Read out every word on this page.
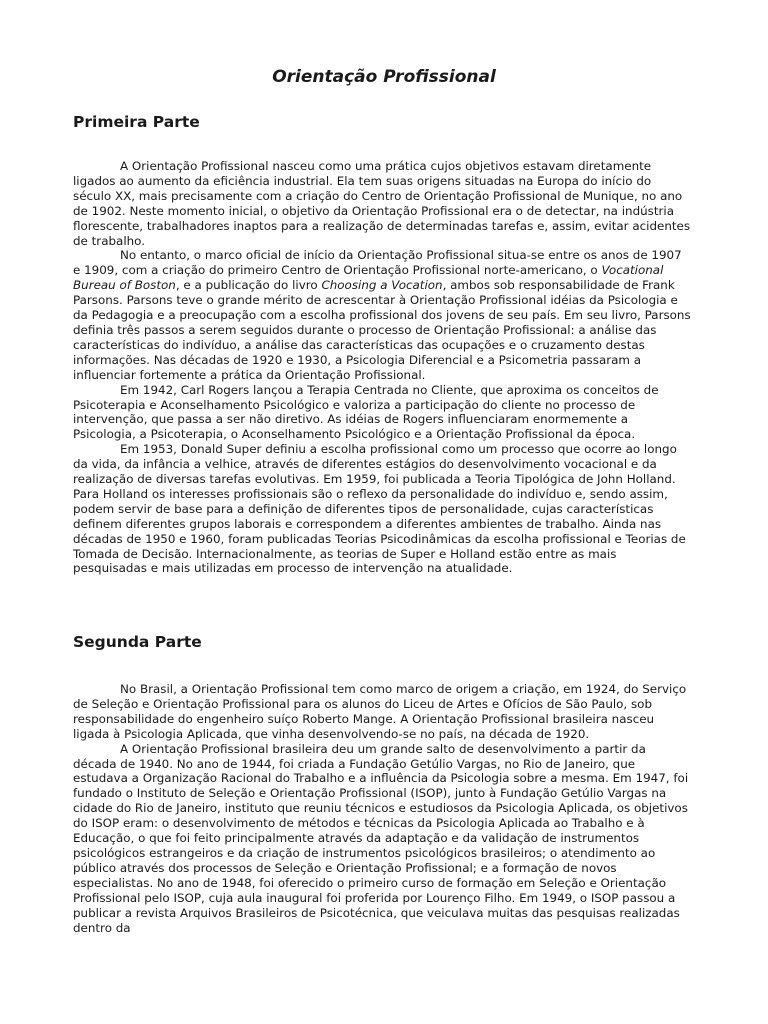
Orientação Profissional
Primeira Parte

A Orientação Profissional nasceu como uma prática cujos objetivos estavam diretamente ligados ao aumento da eficiência industrial. Ela tem suas origens situadas na Europa do início do século XX, mais precisamente com a criação do Centro de Orientação Profissional de Munique, no ano de 1902. Neste momento inicial, o objetivo da Orientação Profissional era o de detectar, na indústria florescente, trabalhadores inaptos para a realização de determinadas tarefas e, assim, evitar acidentes de trabalho.

No entanto, o marco oficial de início da Orientação Profissional situa-se entre os anos de 1907 e 1909, com a criação do primeiro Centro de Orientação Profissional norte-americano, o Vocational Bureau of Boston, e a publicação do livro Choosing a Vocation, ambos sob responsabilidade de Frank Parsons. Parsons teve o grande mérito de acrescentar à Orientação Profissional idéias da Psicologia e da Pedagogia e a preocupação com a escolha profissional dos jovens de seu país. Em seu livro, Parsons definia três passos a serem seguidos durante o processo de Orientação Profissional: a análise das características do indivíduo, a análise das características das ocupações e o cruzamento destas informações. Nas décadas de 1920 e 1930, a Psicologia Diferencial e a Psicometria passaram a influenciar fortemente a prática da Orientação Profissional.

Em 1942, Carl Rogers lançou a Terapia Centrada no Cliente, que aproxima os conceitos de Psicoterapia e Aconselhamento Psicológico e valoriza a participação do cliente no processo de intervenção, que passa a ser não diretivo. As idéias de Rogers influenciaram enormemente a Psicologia, a Psicoterapia, o Aconselhamento Psicológico e a Orientação Profissional da época.

Em 1953, Donald Super definiu a escolha profissional como um processo que ocorre ao longo da vida, da infância a velhice, através de diferentes estágios do desenvolvimento vocacional e da realização de diversas tarefas evolutivas. Em 1959, foi publicada a Teoria Tipológica de John Holland. Para Holland os interesses profissionais são o reflexo da personalidade do indivíduo e, sendo assim, podem servir de base para a definição de diferentes tipos de personalidade, cujas características definem diferentes grupos laborais e correspondem a diferentes ambientes de trabalho. Ainda nas décadas de 1950 e 1960, foram publicadas Teorias Psicodinâmicas da escolha profissional e Teorias de Tomada de Decisão. Internacionalmente, as teorias de Super e Holland estão entre as mais pesquisadas e mais utilizadas em processo de intervenção na atualidade.

Segunda Parte

No Brasil, a Orientação Profissional tem como marco de origem a criação, em 1924, do Serviço de Seleção e Orientação Profissional para os alunos do Liceu de Artes e Ofícios de São Paulo, sob responsabilidade do engenheiro suíço Roberto Mange. A Orientação Profissional brasileira nasceu ligada à Psicologia Aplicada, que vinha desenvolvendo-se no país, na década de 1920.

A Orientação Profissional brasileira deu um grande salto de desenvolvimento a partir da década de 1940. No ano de 1944, foi criada a Fundação Getúlio Vargas, no Rio de Janeiro, que estudava a Organização Racional do Trabalho e a influência da Psicologia sobre a mesma. Em 1947, foi fundado o Instituto de Seleção e Orientação Profissional (ISOP), junto à Fundação Getúlio Vargas na cidade do Rio de Janeiro, instituto que reuniu técnicos e estudiosos da Psicologia Aplicada, os objetivos do ISOP eram: o desenvolvimento de métodos e técnicas da Psicologia Aplicada ao Trabalho e à Educação, o que foi feito principalmente através da adaptação e da validação de instrumentos psicológicos estrangeiros e da criação de instrumentos psicológicos brasileiros; o atendimento ao público através dos processos de Seleção e Orientação Profissional; e a formação de novos especialistas. No ano de 1948, foi oferecido o primeiro curso de formação em Seleção e Orientação Profissional pelo ISOP, cuja aula inaugural foi proferida por Lourenço Filho. Em 1949, o ISOP passou a publicar a revista Arquivos Brasileiros de Psicotécnica, que veiculava muitas das pesquisas realizadas dentro da
